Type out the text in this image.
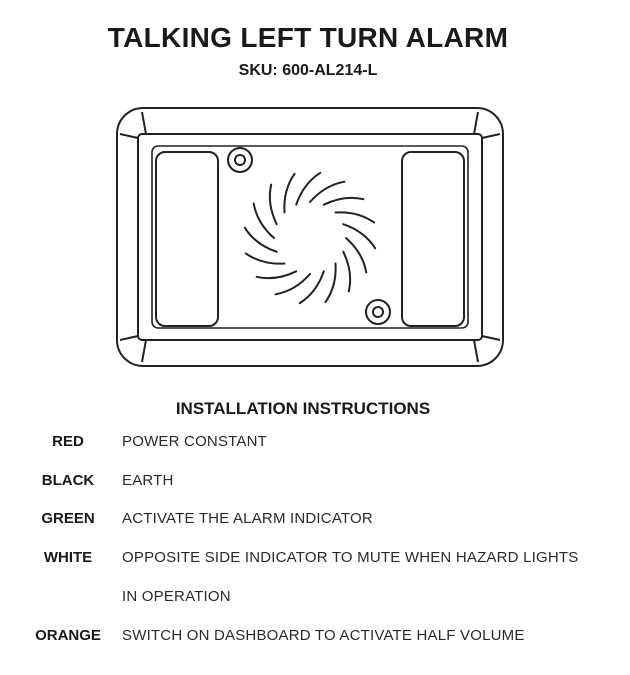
TALKING LEFT TURN ALARM
SKU: 600-AL214-L
INSTALLATION INSTRUCTIONS
RED	POWER CONSTANT
BLACK	EARTH
GREEN	ACTIVATE THE ALARM INDICATOR
WHITE	OPPOSITE SIDE INDICATOR TO MUTE WHEN HAZARD LIGHTS
IN OPERATION
ORANGE	SWITCH ON DASHBOARD TO ACTIVATE HALF VOLUME
